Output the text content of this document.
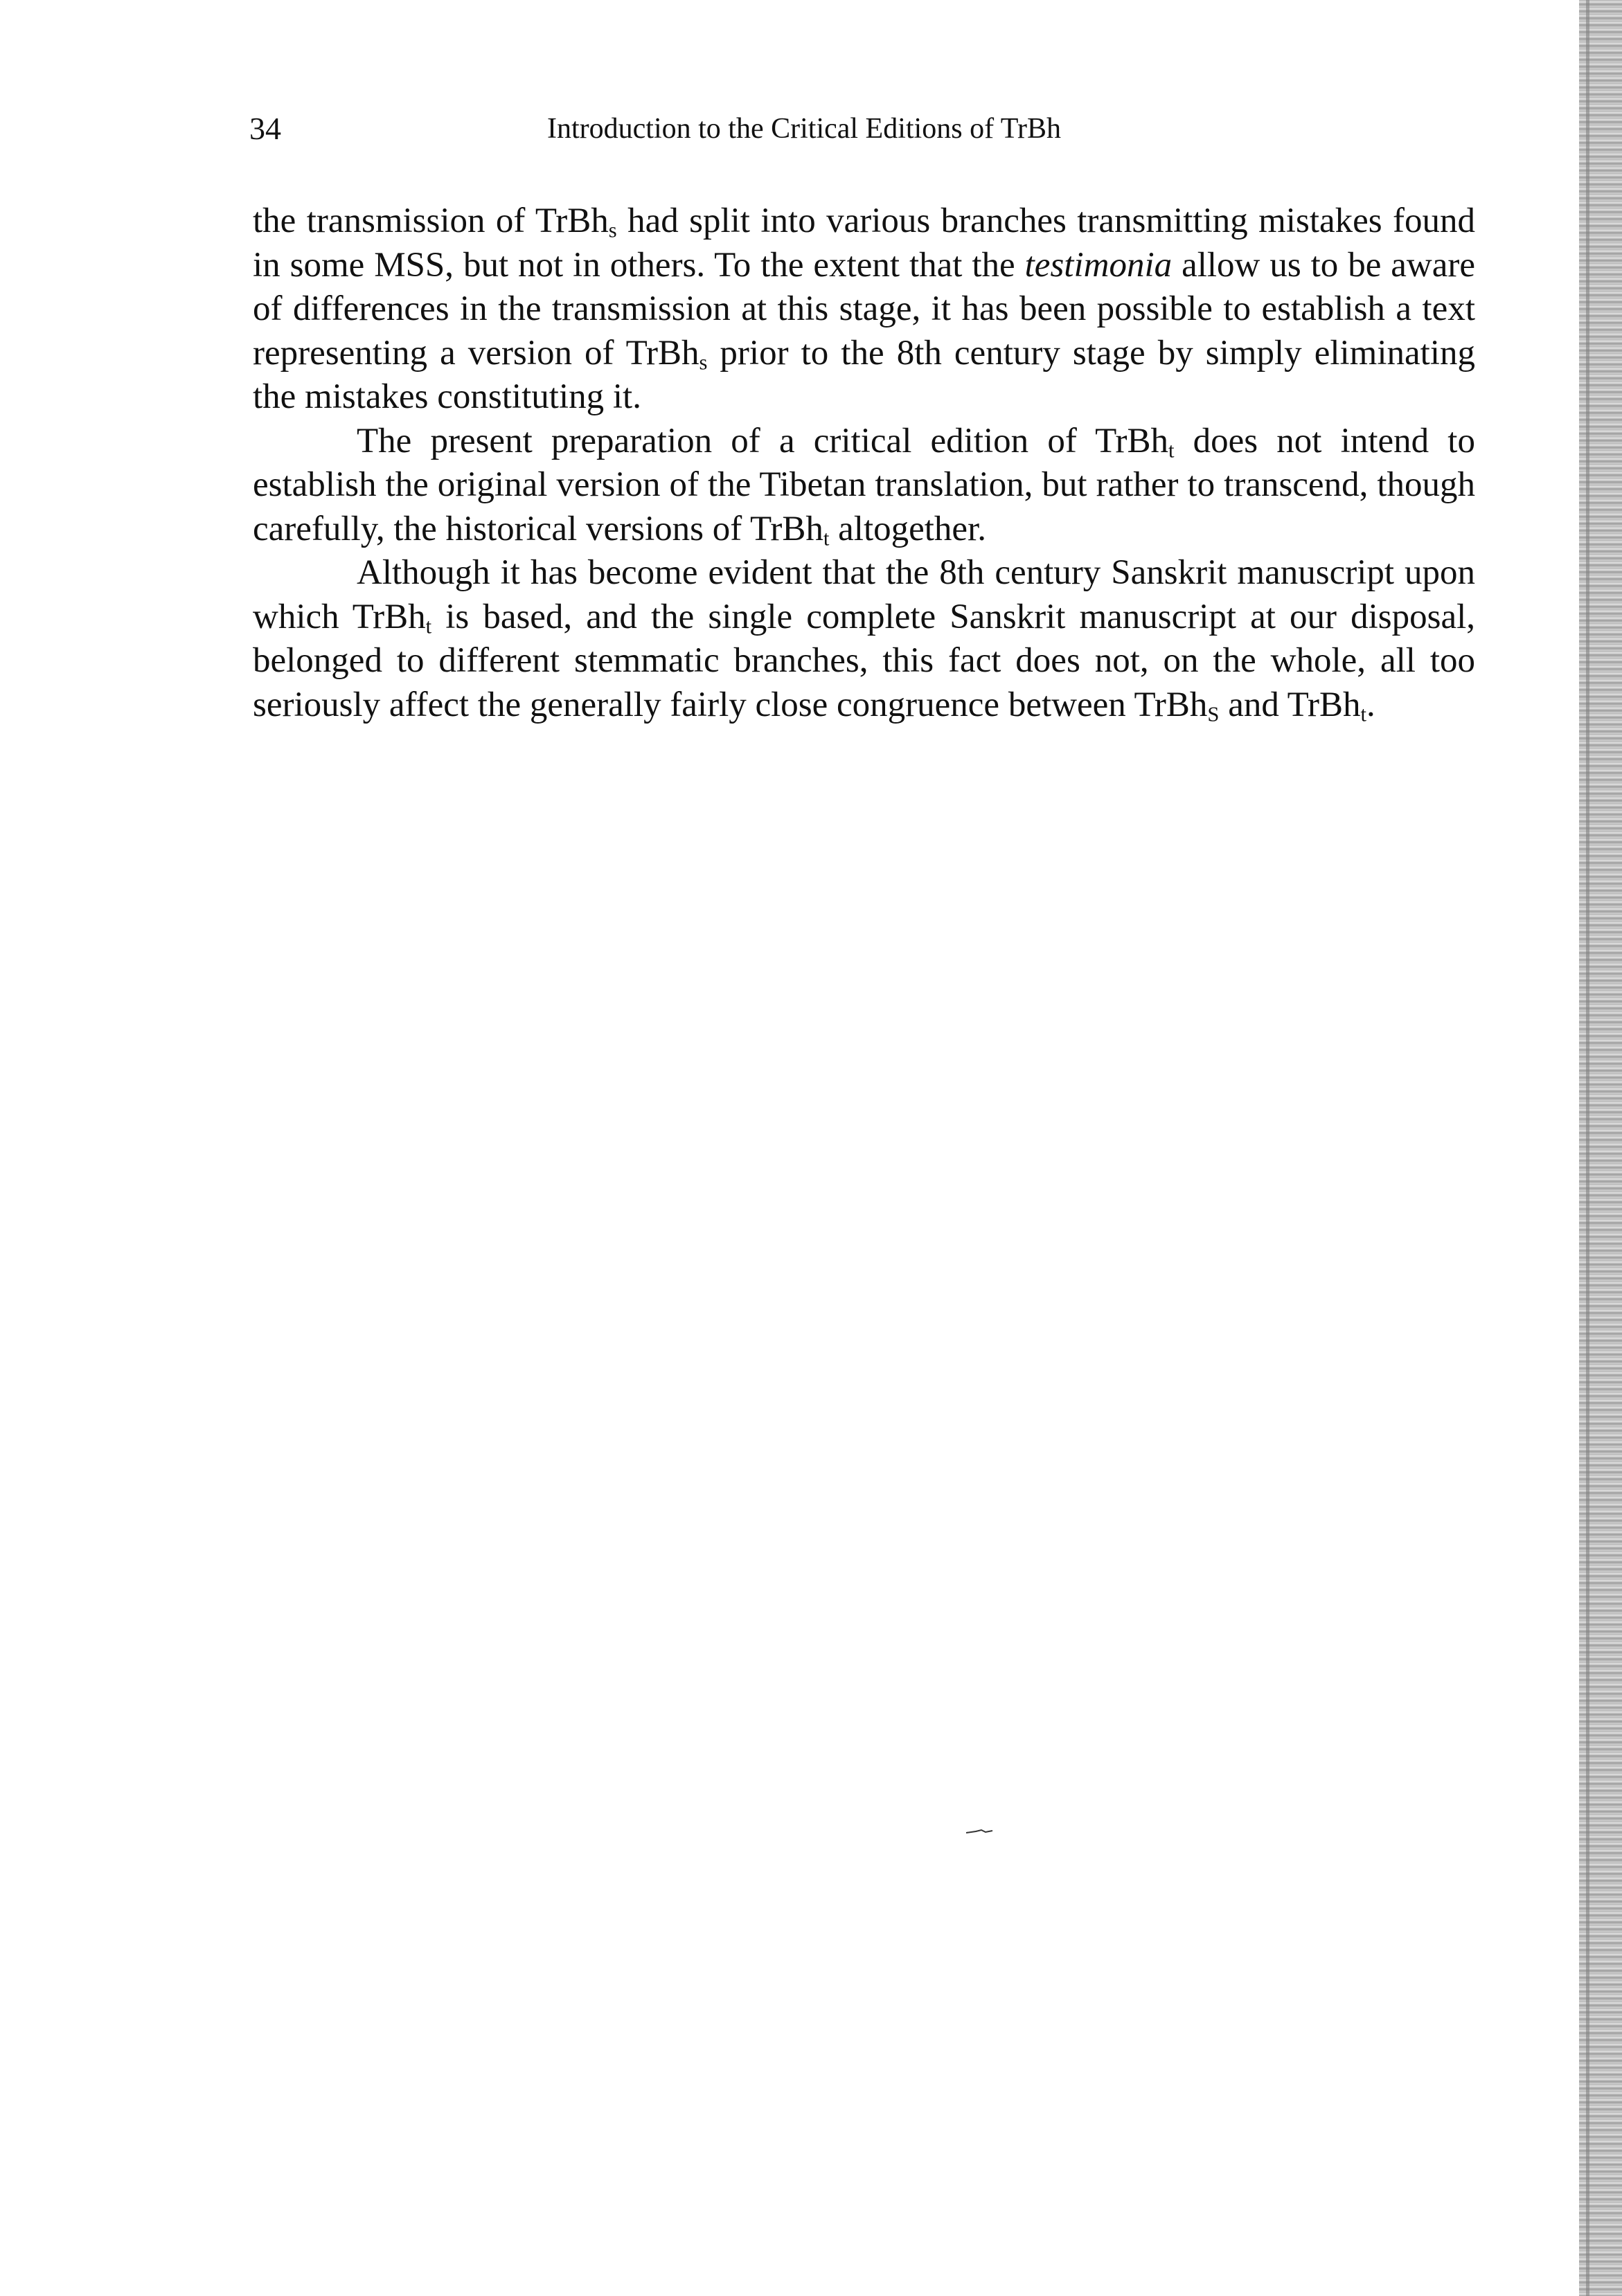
34	Introduction to the Critical Editions of TrBh

the transmission of TrBh$_s$ had split into various branches transmitting mistakes found in some MSS, but not in others. To the extent that the testimonia allow us to be aware of differences in the transmission at this stage, it has been possible to establish a text representing a version of TrBh$_s$ prior to the 8th century stage by simply eliminating the mistakes constituting it.

The present preparation of a critical edition of TrBh$_t$ does not intend to establish the original version of the Tibetan translation, but rather to transcend, though carefully, the historical versions of TrBh$_t$ altogether.

Although it has become evident that the 8th century Sanskrit manuscript upon which TrBh$_t$ is based, and the single complete Sanskrit manuscript at our disposal, belonged to different stemmatic branches, this fact does not, on the whole, all too seriously affect the generally fairly close congruence between TrBh$_S$ and TrBh$_t$.
